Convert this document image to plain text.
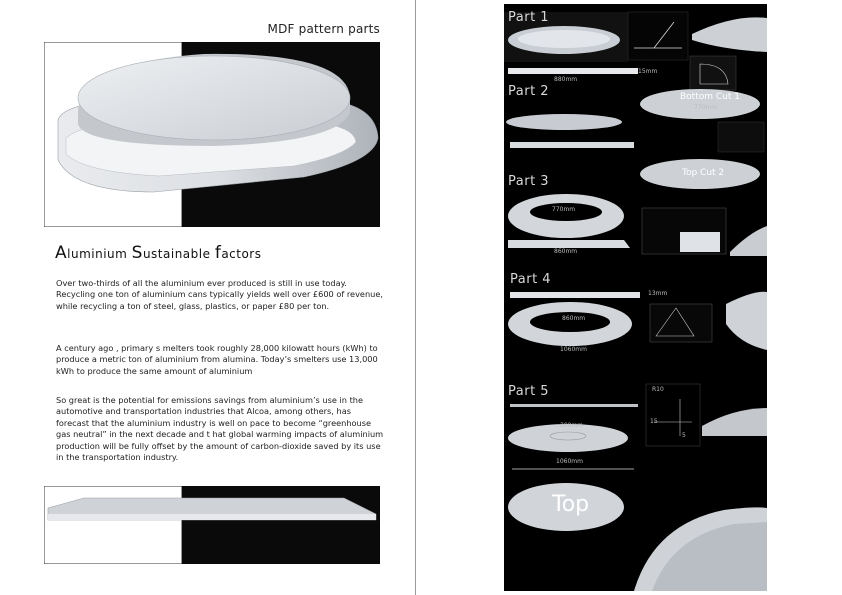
MDF pattern parts
Aluminium Sustainable factors

Over two-thirds of all the aluminium ever produced is still in use today. Recycling one ton of aluminium cans typically yields well over £600 of revenue, while recycling a ton of steel, glass, plastics, or paper £80 per ton.

A century ago , primary s melters took roughly 28,000 kilowatt hours (kWh) to produce a metric ton of aluminium from alumina. Today’s smelters use 13,000 kWh to produce the same amount of aluminium

So great is the potential for emissions savings from aluminium’s use in the automotive and transportation industries that Alcoa, among others, has forecast that the aluminium industry is well on pace to become “greenhouse gas neutral” in the next decade and t hat global warming impacts of aluminium production will be fully offset by the amount of carbon-dioxide saved by its use in the transportation industry.

Part 1
880mm
15mm
Part 2	Bottom Cut 1
770mm
Top Cut 2
Part 3
770mm
860mm
Part 4
13mm
860mm
1060mm
Part 5
300mm
1060mm
R10
15
5
Top
